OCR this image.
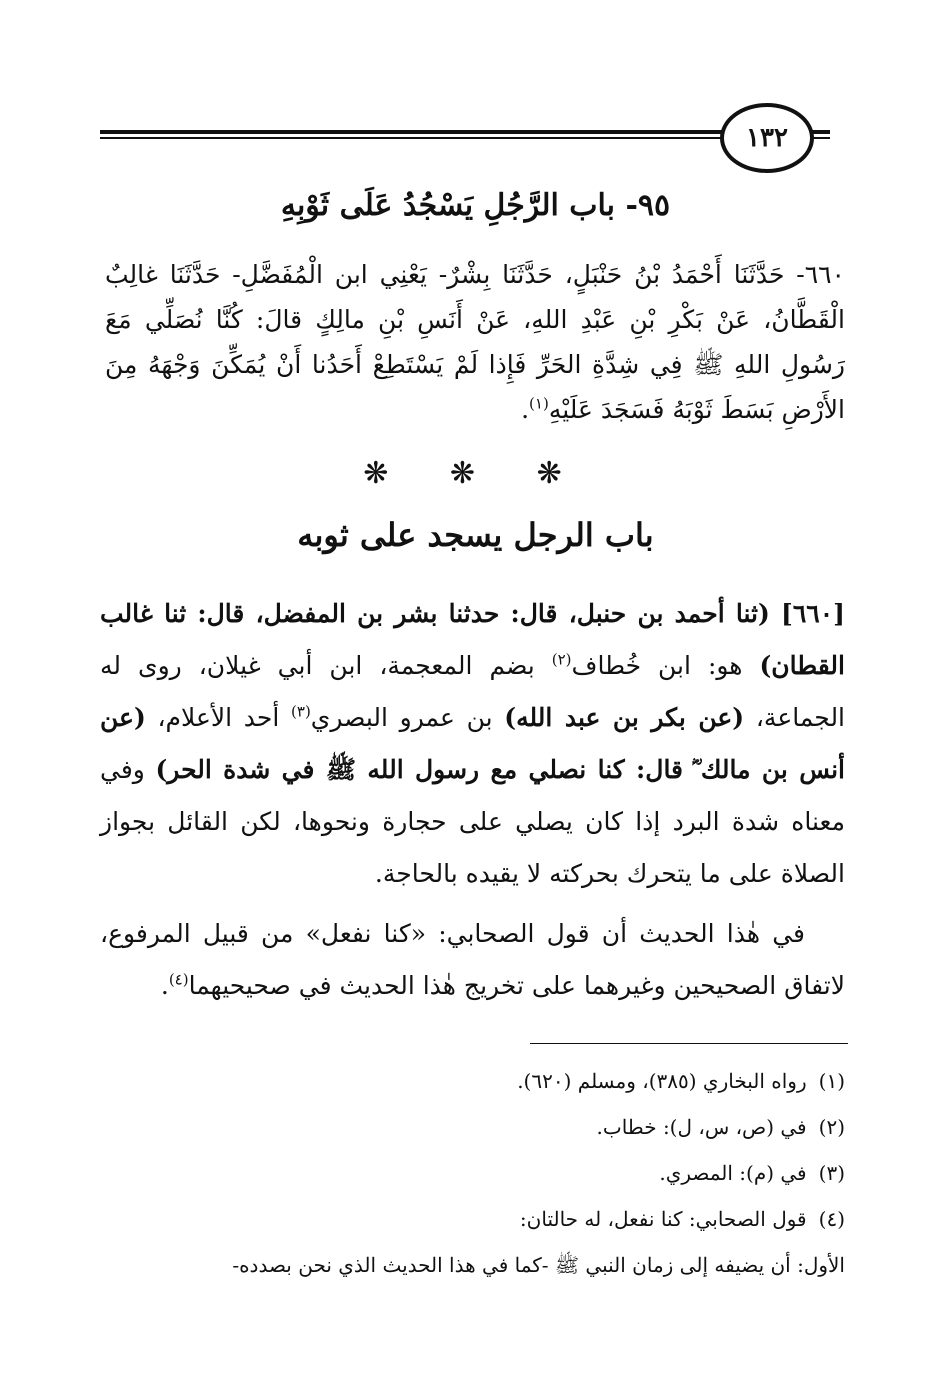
١٣٢
٩٥- باب الرَّجُلِ يَسْجُدُ عَلَى ثَوْبِهِ
٦٦٠- حَدَّثَنَا أَحْمَدُ بْنُ حَنْبَلٍ، حَدَّثَنَا بِشْرٌ- يَعْنِي ابن الْمُفَضَّلِ- حَدَّثَنَا غالِبٌ الْقَطَّانُ، عَنْ بَكْرِ بْنِ عَبْدِ اللهِ، عَنْ أَنَسِ بْنِ مالِكٍ قالَ: كُنَّا نُصَلِّي مَعَ رَسُولِ اللهِ ﷺ فِي شِدَّةِ الحَرِّ فَإِذا لَمْ يَسْتَطِعْ أَحَدُنا أَنْ يُمَكِّنَ وَجْهَهُ مِنَ الأَرْضِ بَسَطَ ثَوْبَهُ فَسَجَدَ عَلَيْهِ$^{(١)}$.
❋ ❋ ❋
باب الرجل يسجد على ثوبه

[٦٦٠] (ثنا أحمد بن حنبل، قال: حدثنا بشر بن المفضل، قال: ثنا غالب القطان) هو: ابن خُطاف$^{(٢)}$ بضم المعجمة، ابن أبي غيلان، روى له الجماعة، (عن بكر بن عبد الله) بن عمرو البصري$^{(٣)}$ أحد الأعلام، (عن أنس بن مالك ؓ قال: كنا نصلي مع رسول الله ﷺ في شدة الحر) وفي معناه شدة البرد إذا كان يصلي على حجارة ونحوها، لكن القائل بجواز الصلاة على ما يتحرك بحركته لا يقيده بالحاجة.

في هٰذا الحديث أن قول الصحابي: «كنا نفعل» من قبيل المرفوع، لاتفاق الصحيحين وغيرهما على تخريج هٰذا الحديث في صحيحيهما$^{(٤)}$.

(١)رواه البخاري (٣٨٥)، ومسلم (٦٢٠).

(٢)في (ص، س، ل): خطاب.

(٣)في (م): المصري.

(٤)قول الصحابي: كنا نفعل، له حالتان:

الأول: أن يضيفه إلى زمان النبي ﷺ -كما في هذا الحديث الذي نحن بصدده-
